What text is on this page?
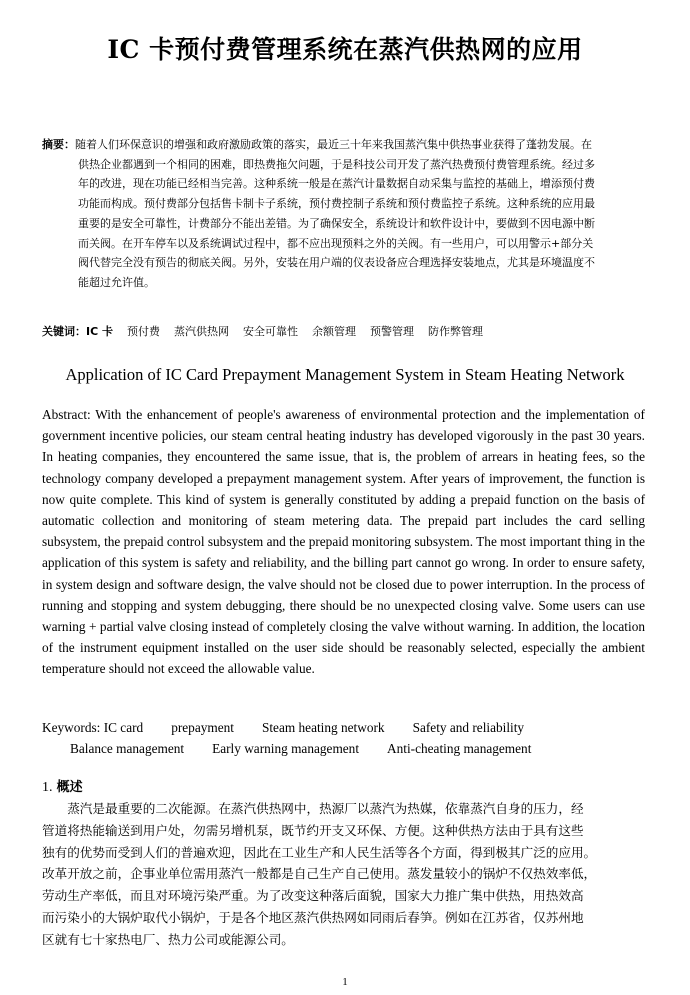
IC 卡预付费管理系统在蒸汽供热网的应用
摘要：随着人们环保意识的增强和政府激励政策的落实，最近三十年来我国蒸汽集中供热事业获得了蓬勃发展。在
供热企业都遇到一个相同的困难，即热费拖欠问题，于是科技公司开发了蒸汽热费预付费管理系统。经过多
年的改进，现在功能已经相当完善。这种系统一般是在蒸汽计量数据自动采集与监控的基础上，增添预付费
功能而构成。预付费部分包括售卡制卡子系统，预付费控制子系统和预付费监控子系统。这种系统的应用最
重要的是安全可靠性，计费部分不能出差错。为了确保安全，系统设计和软件设计中，要做到不因电源中断
而关阀。在开车停车以及系统调试过程中，都不应出现预料之外的关阀。有一些用户，可以用警示+部分关
阀代替完全没有预告的彻底关阀。另外，安装在用户端的仪表设备应合理选择安装地点，尤其是环境温度不
能超过允许值。
关键词：IC 卡 预付费 蒸汽供热网 安全可靠性 余额管理 预警管理 防作弊管理
Application of IC Card Prepayment Management System in Steam Heating Network
Abstract: With the enhancement of people's awareness of environmental protection and the implementation of government incentive policies, our steam central heating industry has developed vigorously in the past 30 years. In heating companies, they encountered the same issue, that is, the problem of arrears in heating fees, so the technology company developed a prepayment management system. After years of improvement, the function is now quite complete. This kind of system is generally constituted by adding a prepaid function on the basis of automatic collection and monitoring of steam metering data. The prepaid part includes the card selling subsystem, the prepaid control subsystem and the prepaid monitoring subsystem. The most important thing in the application of this system is safety and reliability, and the billing part cannot go wrong. In order to ensure safety, in system design and software design, the valve should not be closed due to power interruption. In the process of running and stopping and system debugging, there should be no unexpected closing valve. Some users can use warning + partial valve closing instead of completely closing the valve without warning. In addition, the location of the instrument equipment installed on the user side should be reasonably selected, especially the ambient temperature should not exceed the allowable value.
Keywords: IC card prepayment Steam heating network Safety and reliability
Balance management Early warning management Anti-cheating management
1. 概述
　　蒸汽是最重要的二次能源。在蒸汽供热网中，热源厂以蒸汽为热媒，依靠蒸汽自身的压力，经
管道将热能输送到用户处，勿需另增机泵，既节约开支又环保、方便。这种供热方法由于具有这些
独有的优势而受到人们的普遍欢迎，因此在工业生产和人民生活等各个方面，得到极其广泛的应用。
改革开放之前，企事业单位需用蒸汽一般都是自己生产自己使用。蒸发量较小的锅炉不仅热效率低，
劳动生产率低，而且对环境污染严重。为了改变这种落后面貌，国家大力推广集中供热，用热效高
而污染小的大锅炉取代小锅炉，于是各个地区蒸汽供热网如同雨后春笋。例如在江苏省，仅苏州地
区就有七十家热电厂、热力公司或能源公司。
1
